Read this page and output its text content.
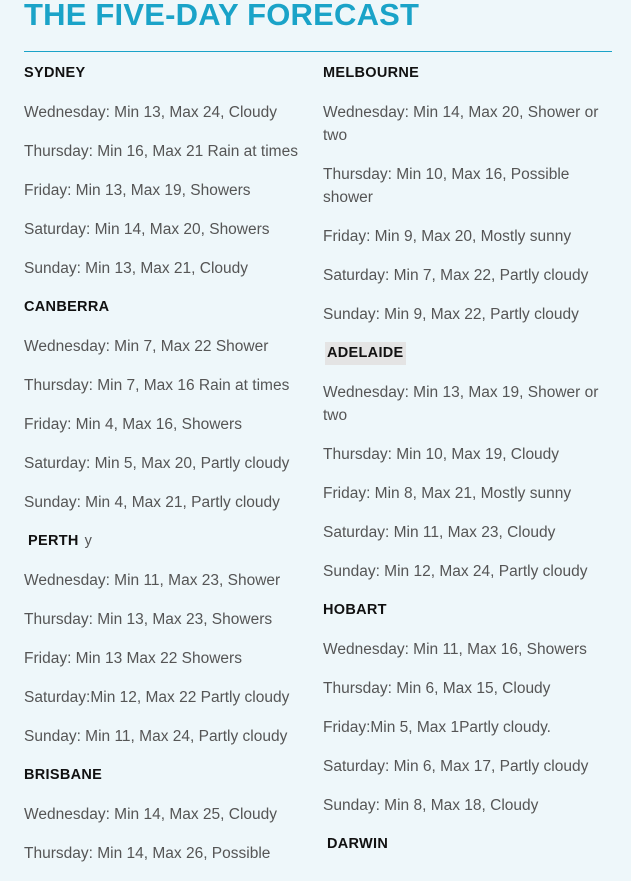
THE FIVE-DAY FORECAST
SYDNEY
Wednesday: Min 13, Max 24, Cloudy
Thursday: Min 16, Max 21 Rain at times
Friday: Min 13, Max 19, Showers
Saturday: Min 14, Max 20, Showers
Sunday: Min 13, Max 21, Cloudy
CANBERRA
Wednesday: Min 7, Max 22 Shower
Thursday: Min 7, Max 16 Rain at times
Friday: Min 4, Max 16, Showers
Saturday: Min 5, Max 20, Partly cloudy
Sunday: Min 4, Max 21, Partly cloudy
PERTH y
Wednesday: Min 11, Max 23, Shower
Thursday: Min 13, Max 23, Showers
Friday: Min 13 Max 22 Showers
Saturday:Min 12, Max 22 Partly cloudy
Sunday: Min 11, Max 24, Partly cloudy
BRISBANE
Wednesday: Min 14, Max 25, Cloudy
Thursday: Min 14, Max 26, Possible
MELBOURNE
Wednesday: Min 14, Max 20, Shower or two
Thursday: Min 10, Max 16, Possible shower
Friday: Min 9, Max 20, Mostly sunny
Saturday: Min 7, Max 22, Partly cloudy
Sunday: Min 9, Max 22, Partly cloudy
ADELAIDE
Wednesday: Min 13, Max 19, Shower or two
Thursday: Min 10, Max 19, Cloudy
Friday: Min 8, Max 21, Mostly sunny
Saturday: Min 11, Max 23, Cloudy
Sunday: Min 12, Max 24, Partly cloudy
HOBART
Wednesday: Min 11, Max 16, Showers
Thursday: Min 6, Max 15, Cloudy
Friday:Min 5, Max 1Partly cloudy.
Saturday: Min 6, Max 17, Partly cloudy
Sunday: Min 8, Max 18, Cloudy
DARWIN
